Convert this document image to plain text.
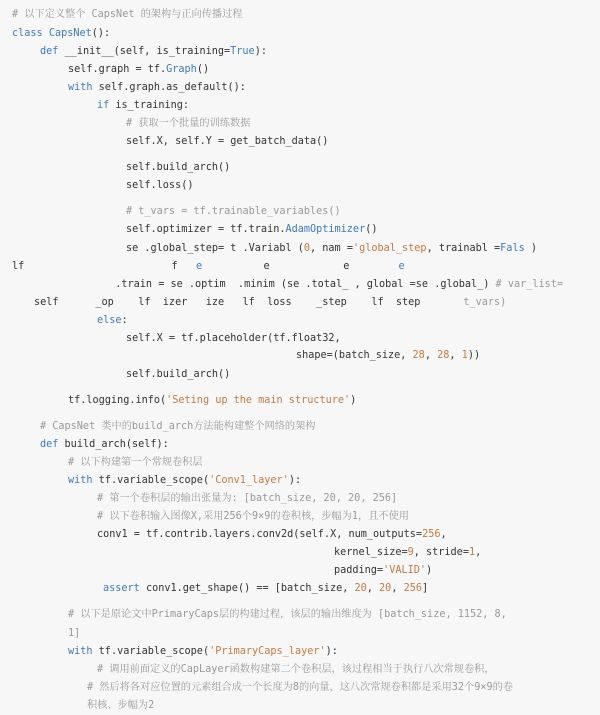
# 以下定义整个 CapsNet 的架构与正向传播过程
class CapsNet():
def __init__(self, is_training=True):
self.graph = tf.Graph()
with self.graph.as_default():
if is_training:
# 获取一个批量的训练数据
self.X, self.Y = get_batch_data()
self.build_arch()
self.loss()
# t_vars = tf.trainable_variables()
self.optimizer = tf.train.AdamOptimizer()
se .global_step= t .Variabl (0, nam ='global_step, trainabl =Fals )
lf                        f   e          e            e        e
.train = se .optim  .minim (se .total_ , global =se .global_) # var_list=
self      _op    lf  izer   ize   lf  loss    _step    lf  step       t_vars)
else:
self.X = tf.placeholder(tf.float32,
shape=(batch_size, 28, 28, 1))
self.build_arch()
tf.logging.info('Seting up the main structure')
# CapsNet 类中的build_arch方法能构建整个网络的架构
def build_arch(self):
# 以下构建第一个常规卷积层
with tf.variable_scope('Conv1_layer'):
# 第一个卷积层的输出张量为: [batch_size, 20, 20, 256]
# 以下卷积输入图像X,采用256个9×9的卷积核，步幅为1，且不使用
conv1 = tf.contrib.layers.conv2d(self.X, num_outputs=256,
kernel_size=9, stride=1,
padding='VALID')
assert conv1.get_shape() == [batch_size, 20, 20, 256]
# 以下是原论文中PrimaryCaps层的构建过程，该层的输出维度为 [batch_size, 1152, 8,
1]
with tf.variable_scope('PrimaryCaps_layer'):
# 调用前面定义的CapLayer函数构建第二个卷积层，该过程相当于执行八次常规卷积，
# 然后将各对应位置的元素组合成一个长度为8的向量，这八次常规卷积都是采用32个9×9的卷
积核、步幅为2
